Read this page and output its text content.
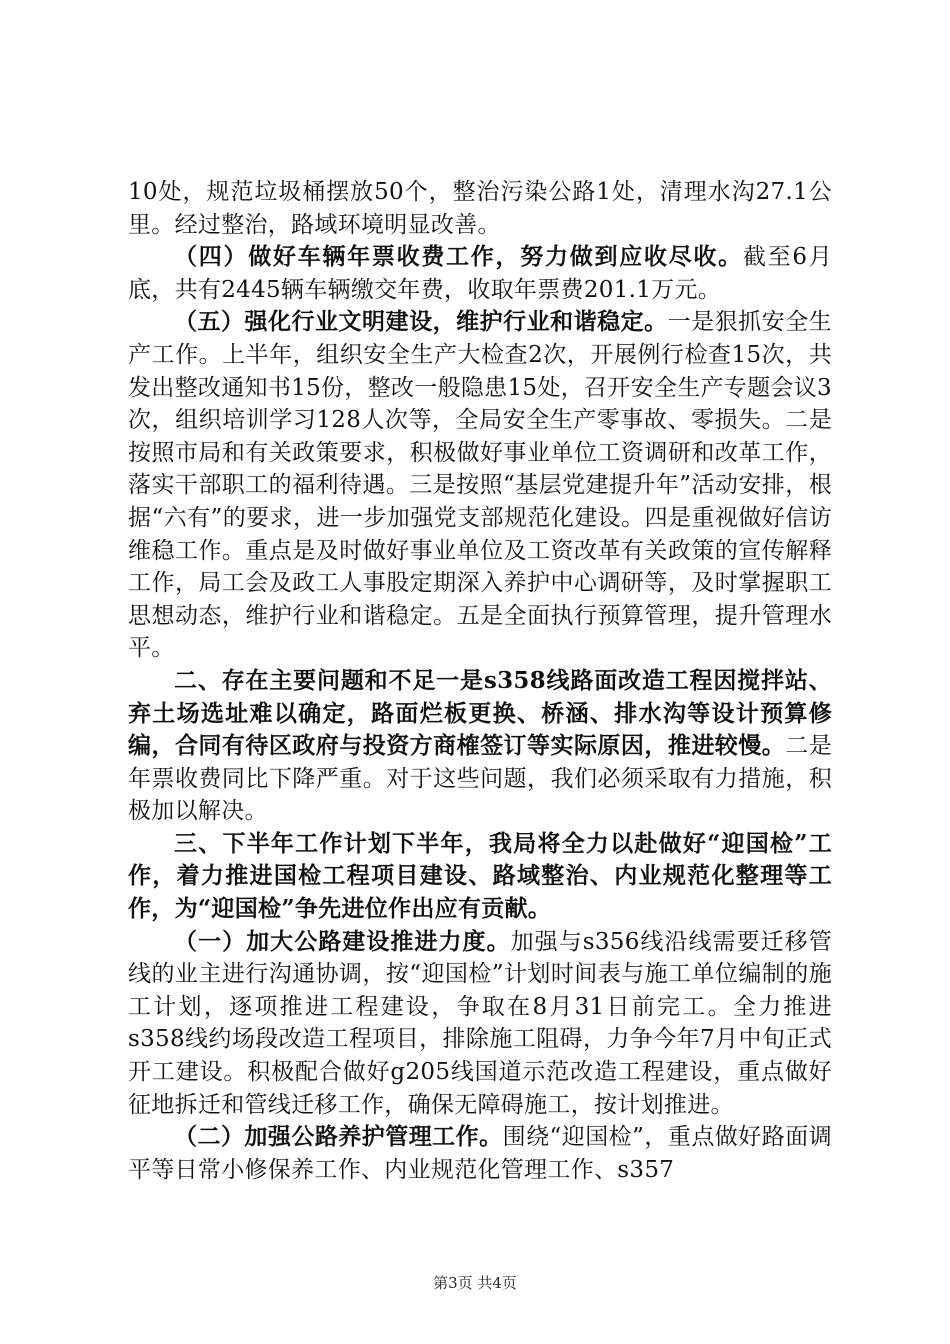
10处，规范垃圾桶摆放50个，整治污染公路1处，清理水沟27.1公里。经过整治，路域环境明显改善。

（四）做好车辆年票收费工作，努力做到应收尽收。截至6月底，共有2445辆车辆缴交年费，收取年票费201.1万元。

（五）强化行业文明建设，维护行业和谐稳定。一是狠抓安全生产工作。上半年，组织安全生产大检查2次，开展例行检查15次，共发出整改通知书15份，整改一般隐患15处，召开安全生产专题会议3次，组织培训学习128人次等，全局安全生产零事故、零损失。二是按照市局和有关政策要求，积极做好事业单位工资调研和改革工作，落实干部职工的福利待遇。三是按照“基层党建提升年”活动安排，根据“六有”的要求，进一步加强党支部规范化建设。四是重视做好信访维稳工作。重点是及时做好事业单位及工资改革有关政策的宣传解释工作，局工会及政工人事股定期深入养护中心调研等，及时掌握职工思想动态，维护行业和谐稳定。五是全面执行预算管理，提升管理水平。

二、存在主要问题和不足一是s358线路面改造工程因搅拌站、弃土场选址难以确定，路面烂板更换、桥涵、排水沟等设计预算修编，合同有待区政府与投资方商榷签订等实际原因，推进较慢。二是年票收费同比下降严重。对于这些问题，我们必须采取有力措施，积极加以解决。

三、下半年工作计划下半年，我局将全力以赴做好“迎国检”工作，着力推进国检工程项目建设、路域整治、内业规范化整理等工作，为“迎国检”争先进位作出应有贡献。

（一）加大公路建设推进力度。加强与s356线沿线需要迁移管线的业主进行沟通协调，按“迎国检”计划时间表与施工单位编制的施工计划，逐项推进工程建设，争取在8月31日前完工。全力推进s358线约场段改造工程项目，排除施工阻碍，力争今年7月中旬正式开工建设。积极配合做好g205线国道示范改造工程建设，重点做好征地拆迁和管线迁移工作，确保无障碍施工，按计划推进。

（二）加强公路养护管理工作。围绕“迎国检”，重点做好路面调平等日常小修保养工作、内业规范化管理工作、s357

第3页 共4页
